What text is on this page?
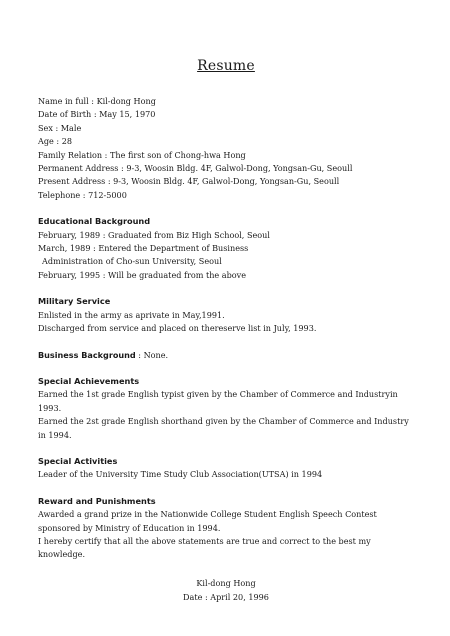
Resume
Name in full : Kil-dong Hong
Date of Birth : May 15, 1970
Sex : Male
Age : 28
Family Relation : The first son of Chong-hwa Hong
Permanent Address : 9-3, Woosin Bldg. 4F, Galwol-Dong, Yongsan-Gu, Seoull
Present Address : 9-3, Woosin Bldg. 4F, Galwol-Dong, Yongsan-Gu, Seoull
Telephone : 712-5000
Educational Background
February, 1989 : Graduated from Biz High School, Seoul
March, 1989 : Entered the Department of Business
Administration of Cho-sun University, Seoul
February, 1995 : Will be graduated from the above
Military Service
Enlisted in the army as aprivate in May,1991.
Discharged from service and placed on thereserve list in July, 1993.
Business Background : None.
Special Achievements
Earned the 1st grade English typist given by the Chamber of Commerce and Industryin 1993.
Earned the 2st grade English shorthand given by the Chamber of Commerce and Industry in 1994.
Special Activities
Leader of the University Time Study Club Association(UTSA) in 1994
Reward and Punishments
Awarded a grand prize in the Nationwide College Student English Speech Contest sponsored by Ministry of Education in 1994.
I hereby certify that all the above statements are true and correct to the best my knowledge.
Kil-dong Hong
Date : April 20, 1996
